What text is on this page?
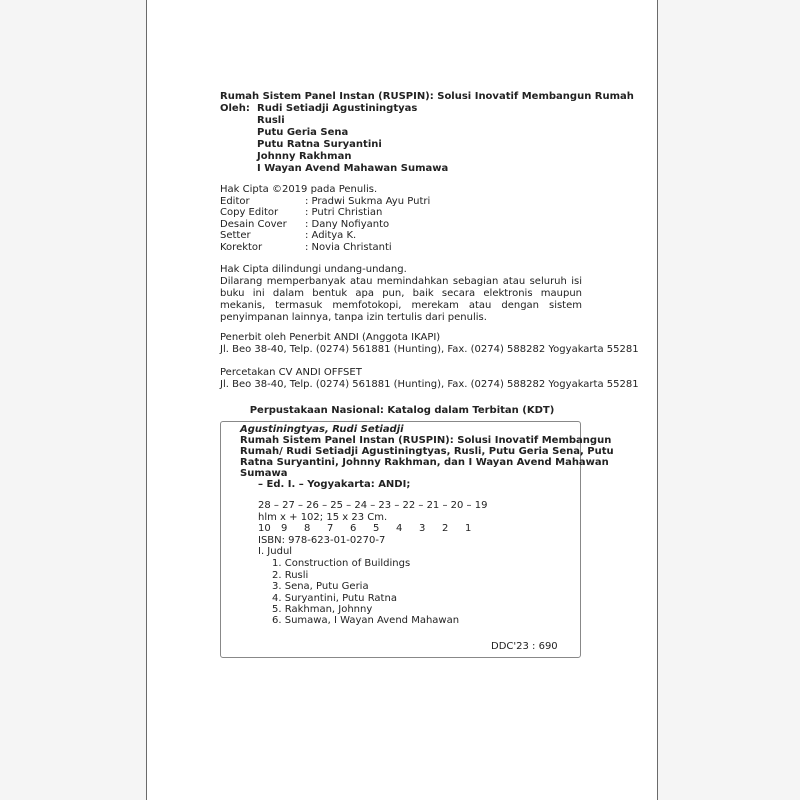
Rumah Sistem Panel Instan (RUSPIN): Solusi Inovatif Membangun Rumah
Oleh: Rudi Setiadji Agustiningtyas
Rusli
Putu Geria Sena
Putu Ratna Suryantini
Johnny Rakhman
I Wayan Avend Mahawan Sumawa
Hak Cipta ©2019 pada Penulis.
Editor	: Pradwi Sukma Ayu Putri
Copy Editor	: Putri Christian
Desain Cover : Dany Nofiyanto
Setter	: Aditya K.
Korektor	: Novia Christanti

Hak Cipta dilindungi undang-undang.

Dilarang memperbanyak atau memindahkan sebagian atau seluruh isi buku ini dalam bentuk apa pun, baik secara elektronis maupun mekanis, termasuk memfotokopi, merekam atau dengan sistem penyimpanan lainnya, tanpa izin tertulis dari penulis.

Penerbit oleh Penerbit ANDI (Anggota IKAPI)
Jl. Beo 38-40, Telp. (0274) 561881 (Hunting), Fax. (0274) 588282 Yogyakarta 55281
Percetakan CV ANDI OFFSET
Jl. Beo 38-40, Telp. (0274) 561881 (Hunting), Fax. (0274) 588282 Yogyakarta 55281
Perpustakaan Nasional: Katalog dalam Terbitan (KDT)
Agustiningtyas, Rudi Setiadji
Rumah Sistem Panel Instan (RUSPIN): Solusi Inovatif Membangun
Rumah/ Rudi Setiadji Agustiningtyas, Rusli, Putu Geria Sena, Putu
Ratna Suryantini, Johnny Rakhman, dan I Wayan Avend Mahawan
Sumawa
– Ed. I. – Yogyakarta: ANDI;
28 – 27 – 26 – 25 – 24 – 23 – 22 – 21 – 20 – 19
hlm x + 102; 15 x 23 Cm.
10 9 8 7 6 5 4 3 2 1
ISBN: 978-623-01-0270-7
I. Judul
1. Construction of Buildings
2. Rusli
3. Sena, Putu Geria
4. Suryantini, Putu Ratna
5. Rakhman, Johnny
6. Sumawa, I Wayan Avend Mahawan
DDC'23 : 690
